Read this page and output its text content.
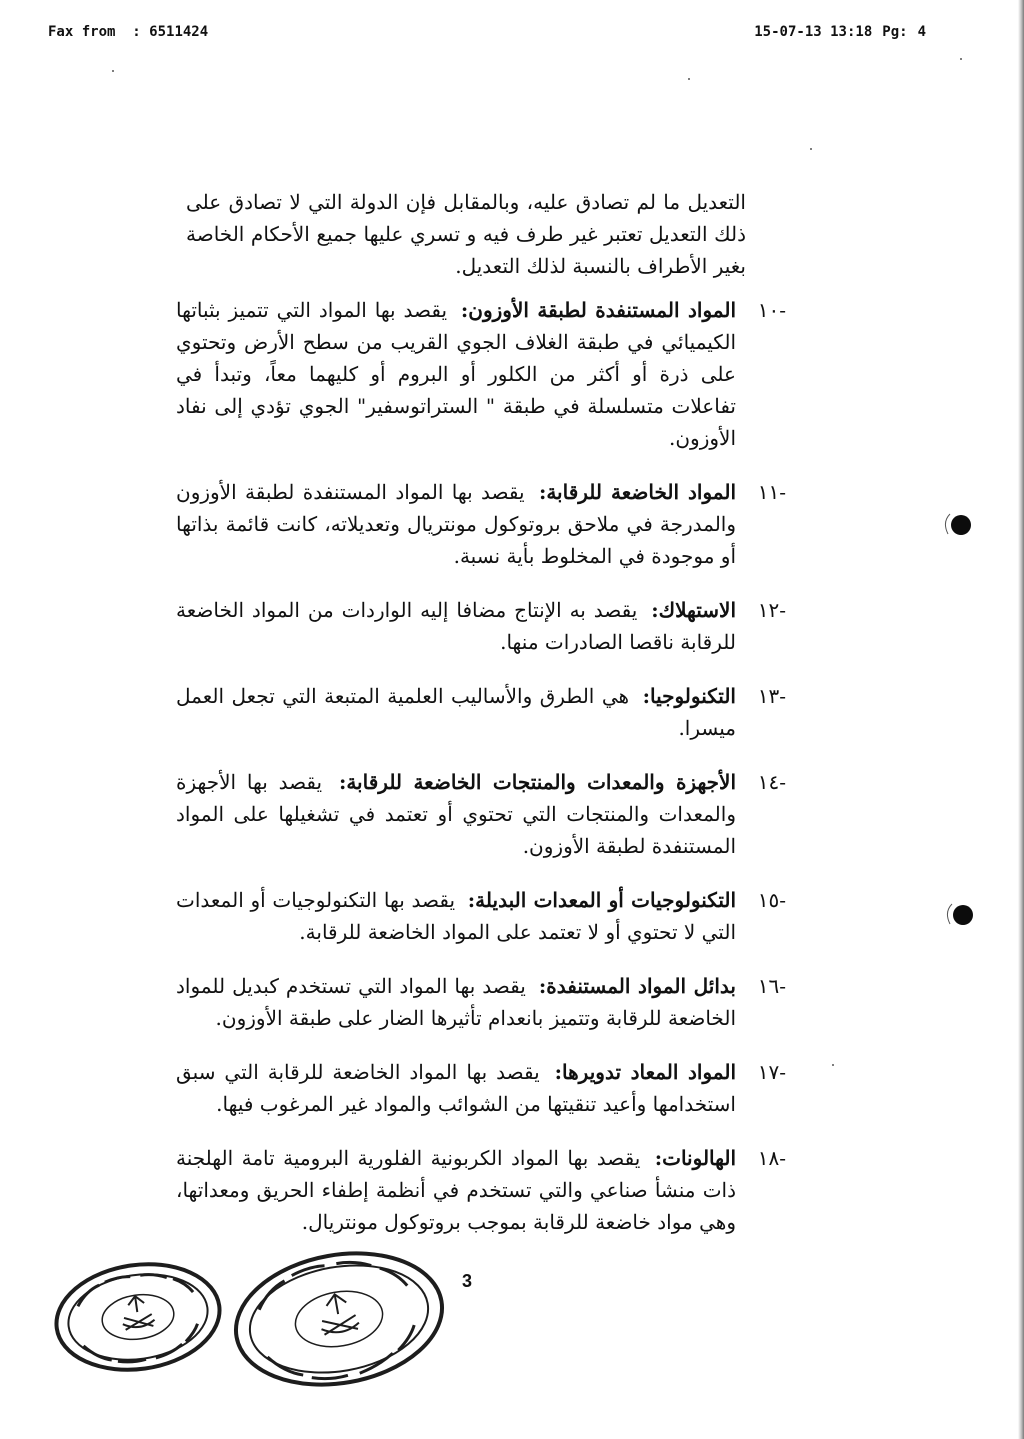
Fax from : 6511424	15-07-13 13:18 Pg: 4
التعديل ما لم تصادق عليه، وبالمقابل فإن الدولة التي لا تصادق على ذلك التعديل تعتبر غير طرف فيه و تسري عليها جميع الأحكام الخاصة بغير الأطراف بالنسبة لذلك التعديل.
-١٠
المواد المستنفدة لطبقة الأوزون: يقصد بها المواد التي تتميز بثباتها الكيميائي في طبقة الغلاف الجوي القريب من سطح الأرض وتحتوي على ذرة أو أكثر من الكلور أو البروم أو كليهما معاً، وتبدأ في تفاعلات متسلسلة في طبقة " الستراتوسفير" الجوي تؤدي إلى نفاد الأوزون.
-١١
المواد الخاضعة للرقابة: يقصد بها المواد المستنفدة لطبقة الأوزون والمدرجة في ملاحق بروتوكول مونتريال وتعديلاته، كانت قائمة بذاتها أو موجودة في المخلوط بأية نسبة.
-١٢
الاستهلاك: يقصد به الإنتاج مضافا إليه الواردات من المواد الخاضعة للرقابة ناقصا الصادرات منها.
-١٣
التكنولوجيا: هي الطرق والأساليب العلمية المتبعة التي تجعل العمل ميسرا.
-١٤
الأجهزة والمعدات والمنتجات الخاضعة للرقابة: يقصد بها الأجهزة والمعدات والمنتجات التي تحتوي أو تعتمد في تشغيلها على المواد المستنفدة لطبقة الأوزون.
-١٥
التكنولوجيات أو المعدات البديلة: يقصد بها التكنولوجيات أو المعدات التي لا تحتوي أو لا تعتمد على المواد الخاضعة للرقابة.
-١٦
بدائل المواد المستنفدة: يقصد بها المواد التي تستخدم كبديل للمواد الخاضعة للرقابة وتتميز بانعدام تأثيرها الضار على طبقة الأوزون.
-١٧
المواد المعاد تدويرها: يقصد بها المواد الخاضعة للرقابة التي سبق استخدامها وأعيد تنقيتها من الشوائب والمواد غير المرغوب فيها.
-١٨
الهالونات: يقصد بها المواد الكربونية الفلورية البرومية تامة الهلجنة ذات منشأ صناعي والتي تستخدم في أنظمة إطفاء الحريق ومعداتها، وهي مواد خاضعة للرقابة بموجب بروتوكول مونتريال.
3
